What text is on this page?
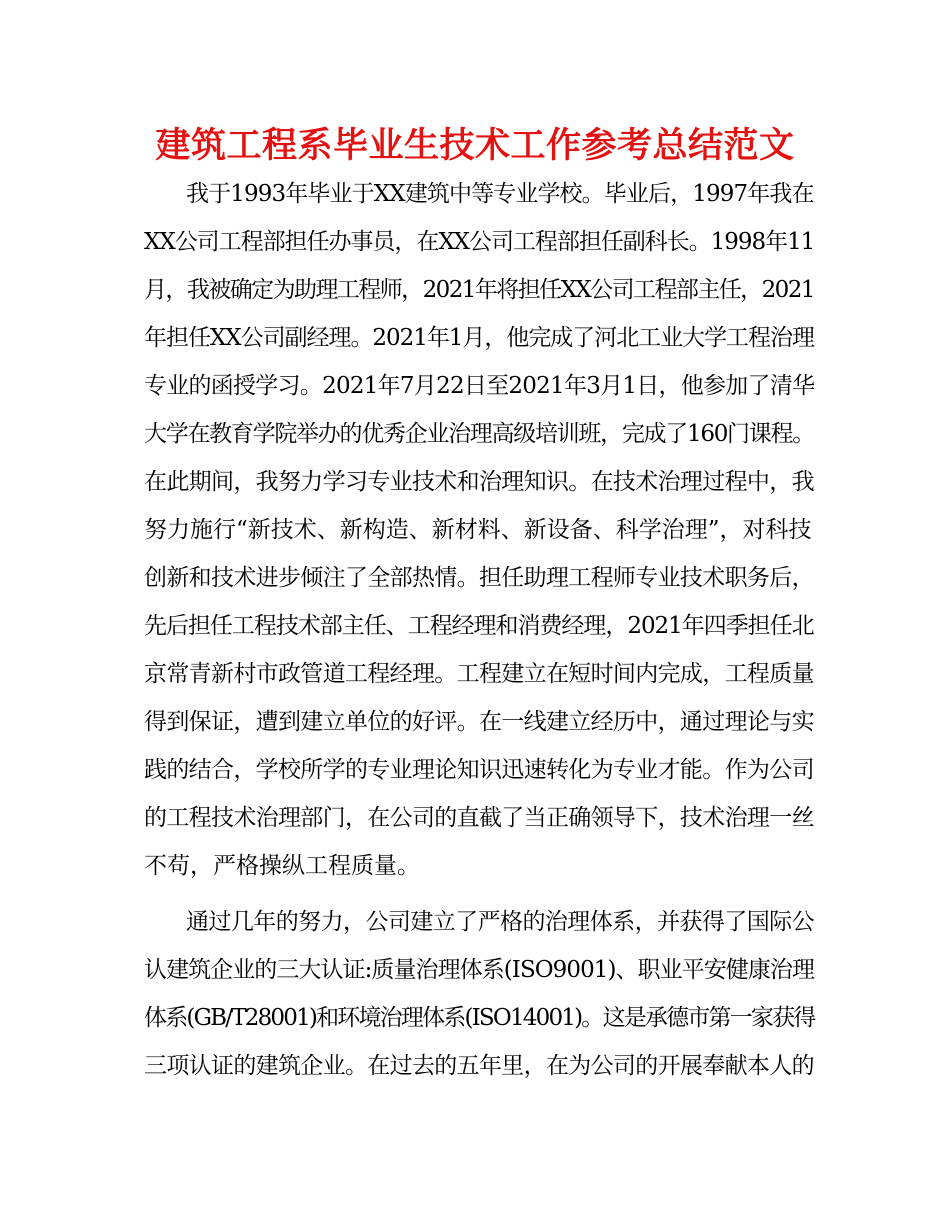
建筑工程系毕业生技术工作参考总结范文
我于1993年毕业于XX建筑中等专业学校。毕业后，1997年我在
XX公司工程部担任办事员，在XX公司工程部担任副科长。1998年11
月，我被确定为助理工程师，2021年将担任XX公司工程部主任，2021
年担任XX公司副经理。2021年1月，他完成了河北工业大学工程治理
专业的函授学习。2021年7月22日至2021年3月1日，他参加了清华
大学在教育学院举办的优秀企业治理高级培训班，完成了160门课程。
在此期间，我努力学习专业技术和治理知识。在技术治理过程中，我
努力施行“新技术、新构造、新材料、新设备、科学治理”，对科技
创新和技术进步倾注了全部热情。担任助理工程师专业技术职务后，
先后担任工程技术部主任、工程经理和消费经理，2021年四季担任北
京常青新村市政管道工程经理。工程建立在短时间内完成，工程质量
得到保证，遭到建立单位的好评。在一线建立经历中，通过理论与实
践的结合，学校所学的专业理论知识迅速转化为专业才能。作为公司
的工程技术治理部门，在公司的直截了当正确领导下，技术治理一丝
不苟，严格操纵工程质量。
通过几年的努力，公司建立了严格的治理体系，并获得了国际公
认建筑企业的三大认证:质量治理体系(ISO9001)、职业平安健康治理
体系(GB/T28001)和环境治理体系(ISO14001)。这是承德市第一家获得
三项认证的建筑企业。在过去的五年里，在为公司的开展奉献本人的
